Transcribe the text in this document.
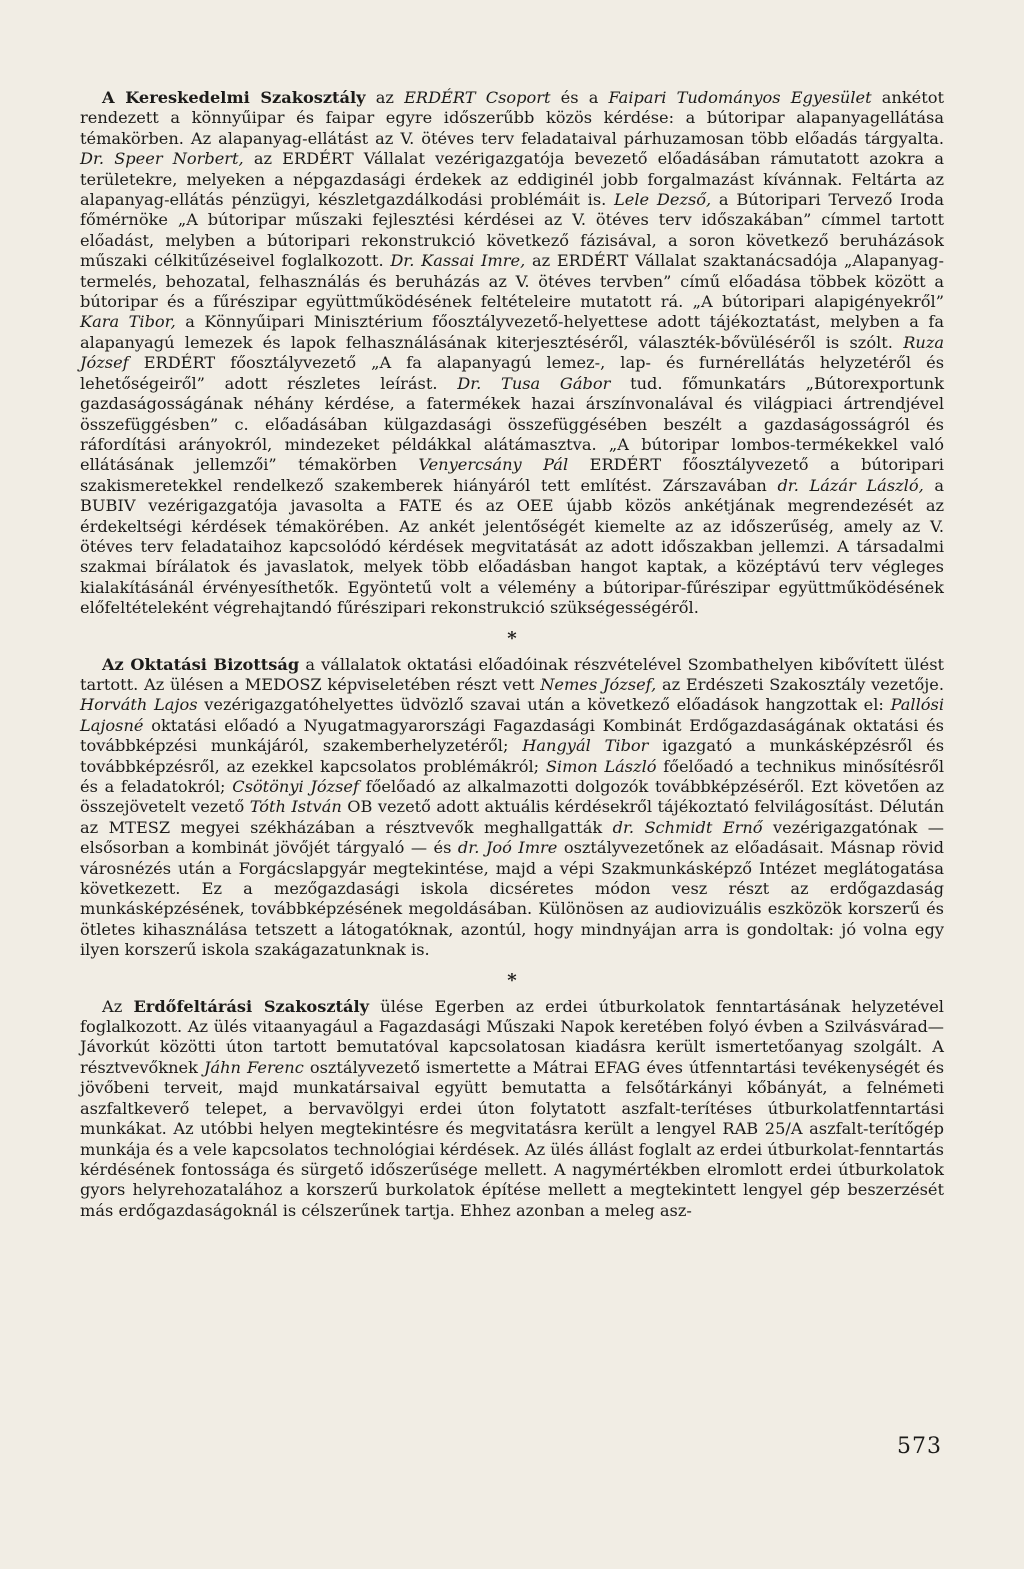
A Kereskedelmi Szakosztály az ERDÉRT Csoport és a Faipari Tudományos Egyesület ankétot rendezett a könnyűipar és faipar egyre időszerűbb közös kérdése: a bútoripar alapanyagellátása témakörben. Az alapanyag-ellátást az V. ötéves terv feladataival párhuzamosan több előadás tárgyalta. Dr. Speer Norbert, az ERDÉRT Vállalat vezérigazgatója bevezető előadásában rámutatott azokra a területekre, melyeken a népgazdasági érdekek az eddiginél jobb forgalmazást kívánnak. Feltárta az alapanyag-ellátás pénzügyi, készletgazdálkodási problémáit is. Lele Dezső, a Bútoripari Tervező Iroda főmérnöke „A bútoripar műszaki fejlesztési kérdései az V. ötéves terv időszakában” címmel tartott előadást, melyben a bútoripari rekonstrukció következő fázisával, a soron következő beruházások műszaki célkitűzéseivel foglalkozott. Dr. Kassai Imre, az ERDÉRT Vállalat szaktanácsadója „Alapanyag-termelés, behozatal, felhasználás és beruházás az V. ötéves tervben” című előadása többek között a bútoripar és a fűrészipar együttműködésének feltételeire mutatott rá. „A bútoripari alapigényekről” Kara Tibor, a Könnyűipari Minisztérium főosztályvezető-helyettese adott tájékoztatást, melyben a fa alapanyagú lemezek és lapok felhasználásának kiterjesztéséről, választék-bővüléséről is szólt. Ruza József ERDÉRT főosztályvezető „A fa alapanyagú lemez-, lap- és furnérellátás helyzetéről és lehetőségeiről” adott részletes leírást. Dr. Tusa Gábor tud. főmunkatárs „Bútorexportunk gazdaságosságának néhány kérdése, a fatermékek hazai árszínvonalával és világpiaci ártrendjével összefüggésben” c. előadásában külgazdasági összefüggésében beszélt a gazdaságosságról és ráfordítási arányokról, mindezeket példákkal alátámasztva. „A bútoripar lombos-termékekkel való ellátásának jellemzői” témakörben Venyercsány Pál ERDÉRT főosztályvezető a bútoripari szakismeretekkel rendelkező szakemberek hiányáról tett említést. Zárszavában dr. Lázár László, a BUBIV vezérigazgatója javasolta a FATE és az OEE újabb közös ankétjának megrendezését az érdekeltségi kérdések témakörében. Az ankét jelentőségét kiemelte az az időszerűség, amely az V. ötéves terv feladataihoz kapcsolódó kérdések megvitatását az adott időszakban jellemzi. A társadalmi szakmai bírálatok és javaslatok, melyek több előadásban hangot kaptak, a középtávú terv végleges kialakításánál érvényesíthetők. Egyöntetű volt a vélemény a bútoripar-fűrészipar együttműködésének előfeltételeként végrehajtandó fűrészipari rekonstrukció szükségességéről.

*

Az Oktatási Bizottság a vállalatok oktatási előadóinak részvételével Szombathelyen kibővített ülést tartott. Az ülésen a MEDOSZ képviseletében részt vett Nemes József, az Erdészeti Szakosztály vezetője. Horváth Lajos vezérigazgatóhelyettes üdvözlő szavai után a következő előadások hangzottak el: Pallósi Lajosné oktatási előadó a Nyugatmagyarországi Fagazdasági Kombinát Erdőgazdaságának oktatási és továbbképzési munkájáról, szakemberhelyzetéről; Hangyál Tibor igazgató a munkásképzésről és továbbképzésről, az ezekkel kapcsolatos problémákról; Simon László főelőadó a technikus minősítésről és a feladatokról; Csötönyi József főelőadó az alkalmazotti dolgozók továbbképzéséről. Ezt követően az összejövetelt vezető Tóth István OB vezető adott aktuális kérdésekről tájékoztató felvilágosítást. Délután az MTESZ megyei székházában a résztvevők meghallgatták dr. Schmidt Ernő vezérigazgatónak — elsősorban a kombinát jövőjét tárgyaló — és dr. Joó Imre osztályvezetőnek az előadásait. Másnap rövid városnézés után a Forgácslapgyár megtekintése, majd a vépi Szakmunkásképző Intézet meglátogatása következett. Ez a mezőgazdasági iskola dicséretes módon vesz részt az erdőgazdaság munkásképzésének, továbbképzésének megoldásában. Különösen az audiovizuális eszközök korszerű és ötletes kihasználása tetszett a látogatóknak, azontúl, hogy mindnyájan arra is gondoltak: jó volna egy ilyen korszerű iskola szakágazatunknak is.

*

Az Erdőfeltárási Szakosztály ülése Egerben az erdei útburkolatok fenntartásának helyzetével foglalkozott. Az ülés vitaanyagául a Fagazdasági Műszaki Napok keretében folyó évben a Szilvásvárad—Jávorkút közötti úton tartott bemutatóval kapcsolatosan kiadásra került ismertetőanyag szolgált. A résztvevőknek Jáhn Ferenc osztályvezető ismertette a Mátrai EFAG éves útfenntartási tevékenységét és jövőbeni terveit, majd munkatársaival együtt bemutatta a felsőtárkányi kőbányát, a felnémeti aszfaltkeverő telepet, a bervavölgyi erdei úton folytatott aszfalt-terítéses útburkolatfenntartási munkákat. Az utóbbi helyen megtekintésre és megvitatásra került a lengyel RAB 25/A aszfalt-terítőgép munkája és a vele kapcsolatos technológiai kérdések. Az ülés állást foglalt az erdei útburkolat-fenntartás kérdésének fontossága és sürgető időszerűsége mellett. A nagymértékben elromlott erdei útburkolatok gyors helyrehozatalához a korszerű burkolatok építése mellett a megtekintett lengyel gép beszerzését más erdőgazdaságoknál is célszerűnek tartja. Ehhez azonban a meleg asz-

573
